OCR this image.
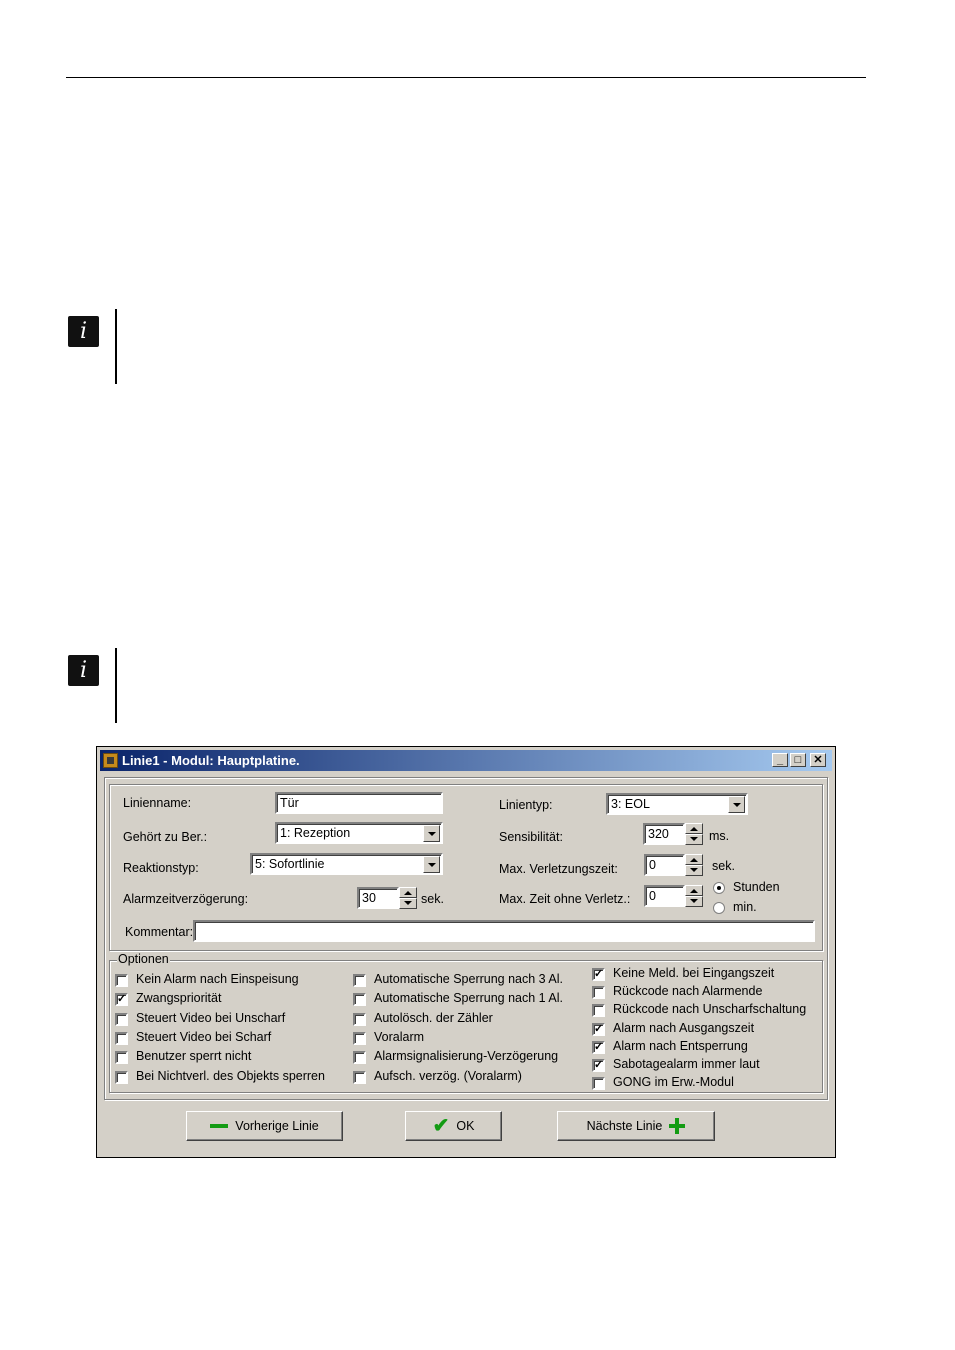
i
i
Linie1 - Modul: Hauptplatine.	_	□	✕
Linienname:	Tür
Gehört zu Ber.:	1: Rezeption
Reaktionstyp:	5: Sofortlinie
Alarmzeitverzögerung:	30	sek.
Linientyp:	3: EOL
Sensibilität:	320	ms.
Max. Verletzungszeit:	0	sek.
Max. Zeit ohne Verletz.:	0
Stunden
min.
Kommentar:
Optionen
Kein Alarm nach Einspeisung
✓ Zwangspriorität
Steuert Video bei Unscharf
Steuert Video bei Scharf
Benutzer sperrt nicht
Bei Nichtverl. des Objekts sperren
Automatische Sperrung nach 3 Al.
Automatische Sperrung nach 1 Al.
Autolösch. der Zähler
Voralarm
Alarmsignalisierung-Verzögerung
Aufsch. verzög. (Voralarm)
✓ Keine Meld. bei Eingangszeit
Rückcode nach Alarmende
Rückcode nach Unscharfschaltung
✓ Alarm nach Ausgangszeit
✓ Alarm nach Entsperrung
✓ Sabotagealarm immer laut
GONG im Erw.-Modul
Vorherige Linie	✔ OK	Nächste Linie
